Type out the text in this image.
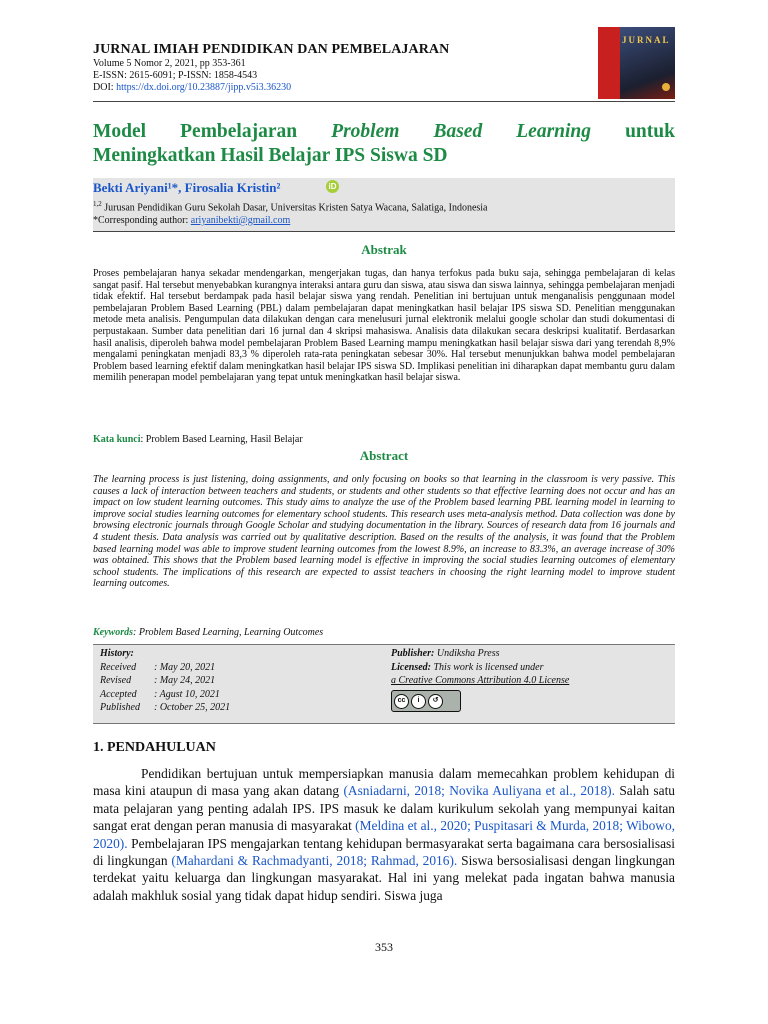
JURNAL IMIAH PENDIDIKAN DAN PEMBELAJARAN
Volume 5 Nomor 2, 2021, pp 353-361
E-ISSN: 2615-6091; P-ISSN: 1858-4543
DOI: https://dx.doi.org/10.23887/jipp.v5i3.36230
JURNAL
Model Pembelajaran Problem Based Learning untuk
Meningkatkan Hasil Belajar IPS Siswa SD
Bekti Ariyani¹*, Firosalia Kristin²	iD
$^{1,2}$ Jurusan Pendidikan Guru Sekolah Dasar, Universitas Kristen Satya Wacana, Salatiga, Indonesia
*Corresponding author: ariyanibekti@gmail.com
Abstrak
Proses pembelajaran hanya sekadar mendengarkan, mengerjakan tugas, dan hanya terfokus pada buku saja, sehingga pembelajaran di kelas sangat pasif. Hal tersebut menyebabkan kurangnya interaksi antara guru dan siswa, atau siswa dan siswa lainnya, sehingga pembelajaran menjadi tidak efektif. Hal tersebut berdampak pada hasil belajar siswa yang rendah. Penelitian ini bertujuan untuk menganalisis penggunaan model pembelajaran Problem Based Learning (PBL) dalam pembelajaran dapat meningkatkan hasil belajar IPS siswa SD. Penelitian menggunakan metode meta analisis. Pengumpulan data dilakukan dengan cara menelusuri jurnal elektronik melalui google scholar dan studi dokumentasi di perpustakaan. Sumber data penelitian dari 16 jurnal dan 4 skripsi mahasiswa. Analisis data dilakukan secara deskripsi kualitatif. Berdasarkan hasil analisis, diperoleh bahwa model pembelajaran Problem Based Learning mampu meningkatkan hasil belajar siswa dari yang terendah 8,9% mengalami peningkatan menjadi 83,3 % diperoleh rata-rata peningkatan sebesar 30%. Hal tersebut menunjukkan bahwa model pembelajaran Problem based learning efektif dalam meningkatkan hasil belajar IPS siswa SD. Implikasi penelitian ini diharapkan dapat membantu guru dalam memilih penerapan model pembelajaran yang tepat untuk meningkatkan hasil belajar siswa.
Kata kunci: Problem Based Learning, Hasil Belajar
Abstract
The learning process is just listening, doing assignments, and only focusing on books so that learning in the classroom is very passive. This causes a lack of interaction between teachers and students, or students and other students so that effective learning does not occur and has an impact on low student learning outcomes. This study aims to analyze the use of the Problem based learning PBL learning model in learning to improve social studies learning outcomes for elementary school students. This research uses meta-analysis method. Data collection was done by browsing electronic journals through Google Scholar and studying documentation in the library. Sources of research data from 16 journals and 4 student thesis. Data analysis was carried out by qualitative description. Based on the results of the analysis, it was found that the Problem based learning model was able to improve student learning outcomes from the lowest 8.9%, an increase to 83.3%, an average increase of 30% was obtained. This shows that the Problem based learning model is effective in improving the social studies learning outcomes of elementary school students. The implications of this research are expected to assist teachers in choosing the right learning model to improve student learning outcomes.
Keywords: Problem Based Learning, Learning Outcomes
History:
Received	: May 20, 2021
Revised	: May 24, 2021
Accepted	: Agust 10, 2021
Published	: October 25, 2021
Publisher: Undiksha Press
Licensed: This work is licensed under
a Creative Commons Attribution 4.0 License
cc	i	↺
1. PENDAHULUAN
Pendidikan bertujuan untuk mempersiapkan manusia dalam memecahkan problem kehidupan di masa kini ataupun di masa yang akan datang (Asniadarni, 2018; Novika Auliyana et al., 2018). Salah satu mata pelajaran yang penting adalah IPS. IPS masuk ke dalam kurikulum sekolah yang mempunyai kaitan sangat erat dengan peran manusia di masyarakat (Meldina et al., 2020; Puspitasari & Murda, 2018; Wibowo, 2020). Pembelajaran IPS mengajarkan tentang kehidupan bermasyarakat serta bagaimana cara bersosialisasi di lingkungan (Mahardani & Rachmadyanti, 2018; Rahmad, 2016). Siswa bersosialisasi dengan lingkungan terdekat yaitu keluarga dan lingkungan masyarakat. Hal ini yang melekat pada ingatan bahwa manusia adalah makhluk sosial yang tidak dapat hidup sendiri. Siswa juga
353
